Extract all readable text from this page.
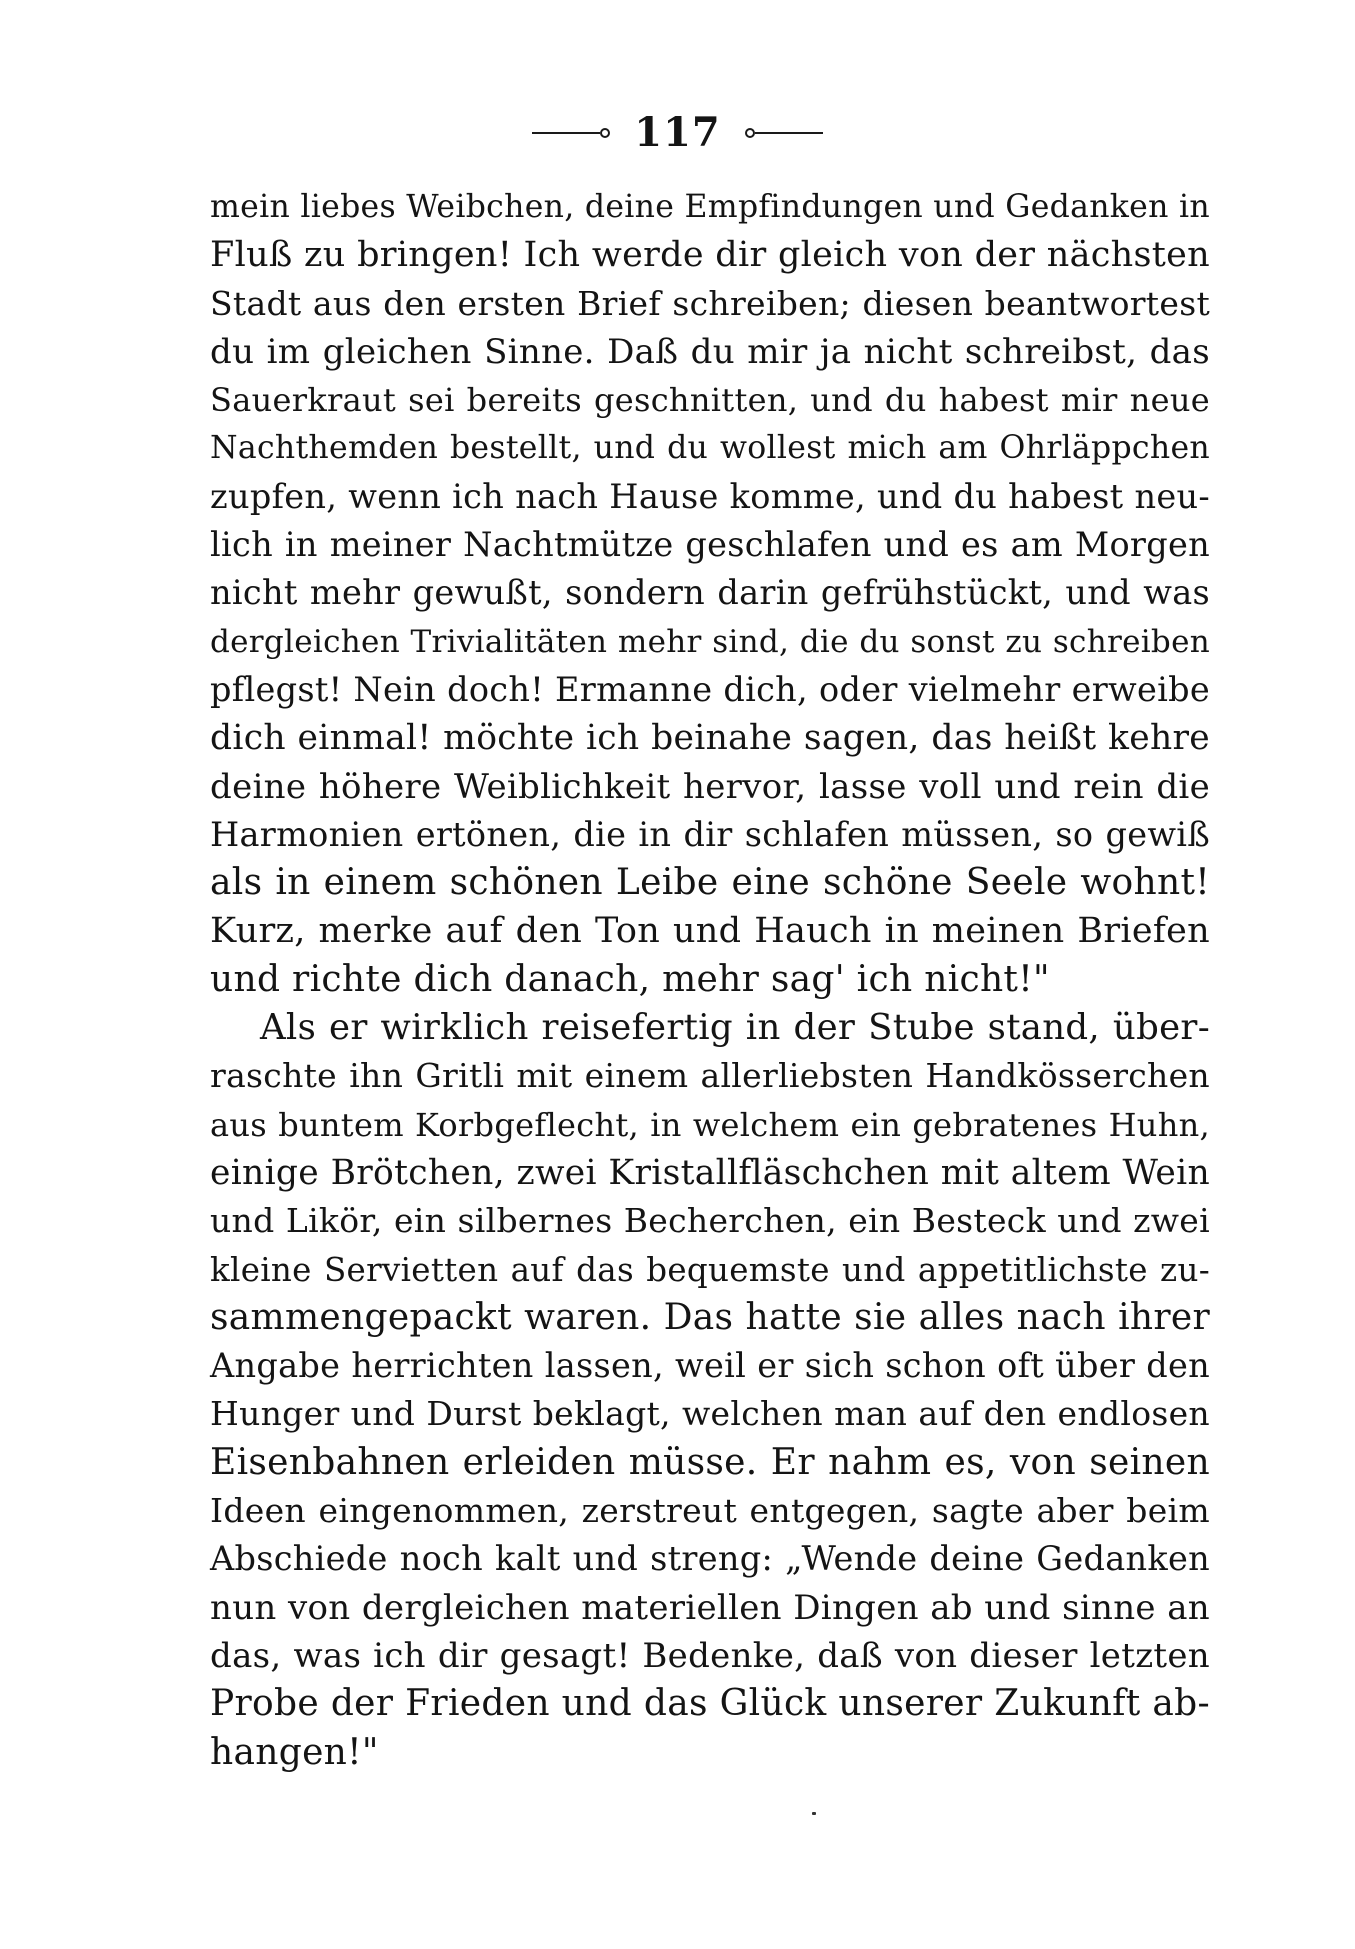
117
mein liebes Weibchen, deine Empfindungen und Gedanken in
Fluß zu bringen! Ich werde dir gleich von der nächsten
Stadt aus den ersten Brief schreiben; diesen beantwortest
du im gleichen Sinne. Daß du mir ja nicht schreibst, das
Sauerkraut sei bereits geschnitten, und du habest mir neue
Nachthemden bestellt, und du wollest mich am Ohrläppchen
zupfen, wenn ich nach Hause komme, und du habest neu-
lich in meiner Nachtmütze geschlafen und es am Morgen
nicht mehr gewußt, sondern darin gefrühstückt, und was
dergleichen Trivialitäten mehr sind, die du sonst zu schreiben
pflegst! Nein doch! Ermanne dich, oder vielmehr erweibe
dich einmal! möchte ich beinahe sagen, das heißt kehre
deine höhere Weiblichkeit hervor, lasse voll und rein die
Harmonien ertönen, die in dir schlafen müssen, so gewiß
als in einem schönen Leibe eine schöne Seele wohnt!
Kurz, merke auf den Ton und Hauch in meinen Briefen
und richte dich danach, mehr sag' ich nicht!"
Als er wirklich reisefertig in der Stube stand, über-
raschte ihn Gritli mit einem allerliebsten Handkösserchen
aus buntem Korbgeflecht, in welchem ein gebratenes Huhn,
einige Brötchen, zwei Kristallfläschchen mit altem Wein
und Likör, ein silbernes Becherchen, ein Besteck und zwei
kleine Servietten auf das bequemste und appetitlichste zu-
sammengepackt waren. Das hatte sie alles nach ihrer
Angabe herrichten lassen, weil er sich schon oft über den
Hunger und Durst beklagt, welchen man auf den endlosen
Eisenbahnen erleiden müsse. Er nahm es, von seinen
Ideen eingenommen, zerstreut entgegen, sagte aber beim
Abschiede noch kalt und streng: „Wende deine Gedanken
nun von dergleichen materiellen Dingen ab und sinne an
das, was ich dir gesagt! Bedenke, daß von dieser letzten
Probe der Frieden und das Glück unserer Zukunft ab-
hangen!"
